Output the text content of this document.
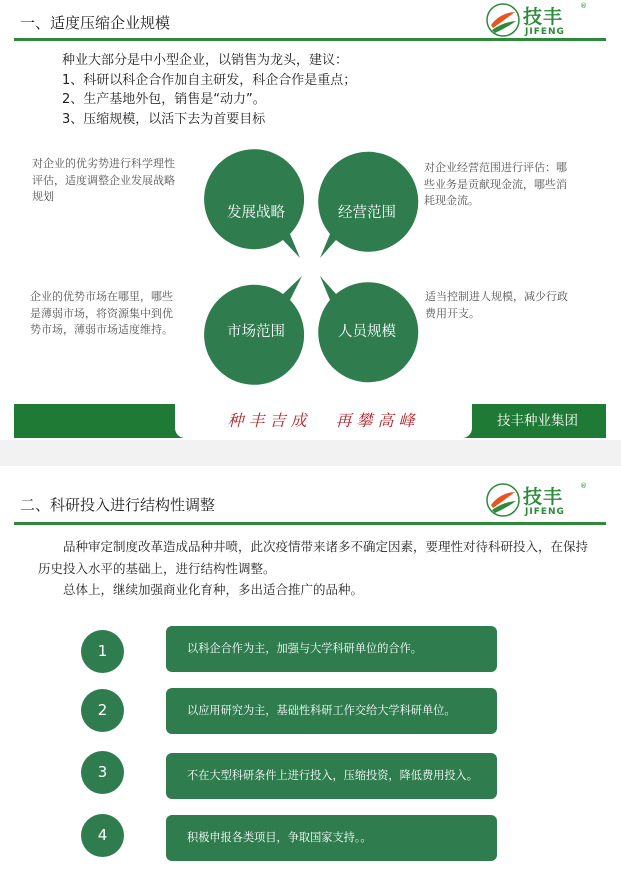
一、适度压缩企业规模	技丰
JIFENG
®
种业大部分是中小型企业，以销售为龙头，建议：
1、科研以科企合作加自主研发，科企合作是重点；
2、生产基地外包，销售是“动力”。
3、压缩规模，以活下去为首要目标
发展战略	经营范围
市场范围	人员规模
对企业的优劣势进行科学理性
评估，适度调整企业发展战略
规划
对企业经营范围进行评估：哪
些业务是贡献现金流，哪些消
耗现金流。
企业的优势市场在哪里，哪些
是薄弱市场，将资源集中到优
势市场，薄弱市场适度维持。
适当控制进人规模，减少行政
费用开支。
种丰吉成 再攀高峰	技丰种业集团
二、科研投入进行结构性调整	技丰
JIFENG
®

品种审定制度改革造成品种井喷，此次疫情带来诸多不确定因素，要理性对待科研投入，在保持历史投入水平的基础上，进行结构性调整。

总体上，继续加强商业化育种，多出适合推广的品种。

1	以科企合作为主，加强与大学科研单位的合作。
2	以应用研究为主，基础性科研工作交给大学科研单位。
3	不在大型科研条件上进行投入，压缩投资，降低费用投入。
4	积极申报各类项目，争取国家支持。。
